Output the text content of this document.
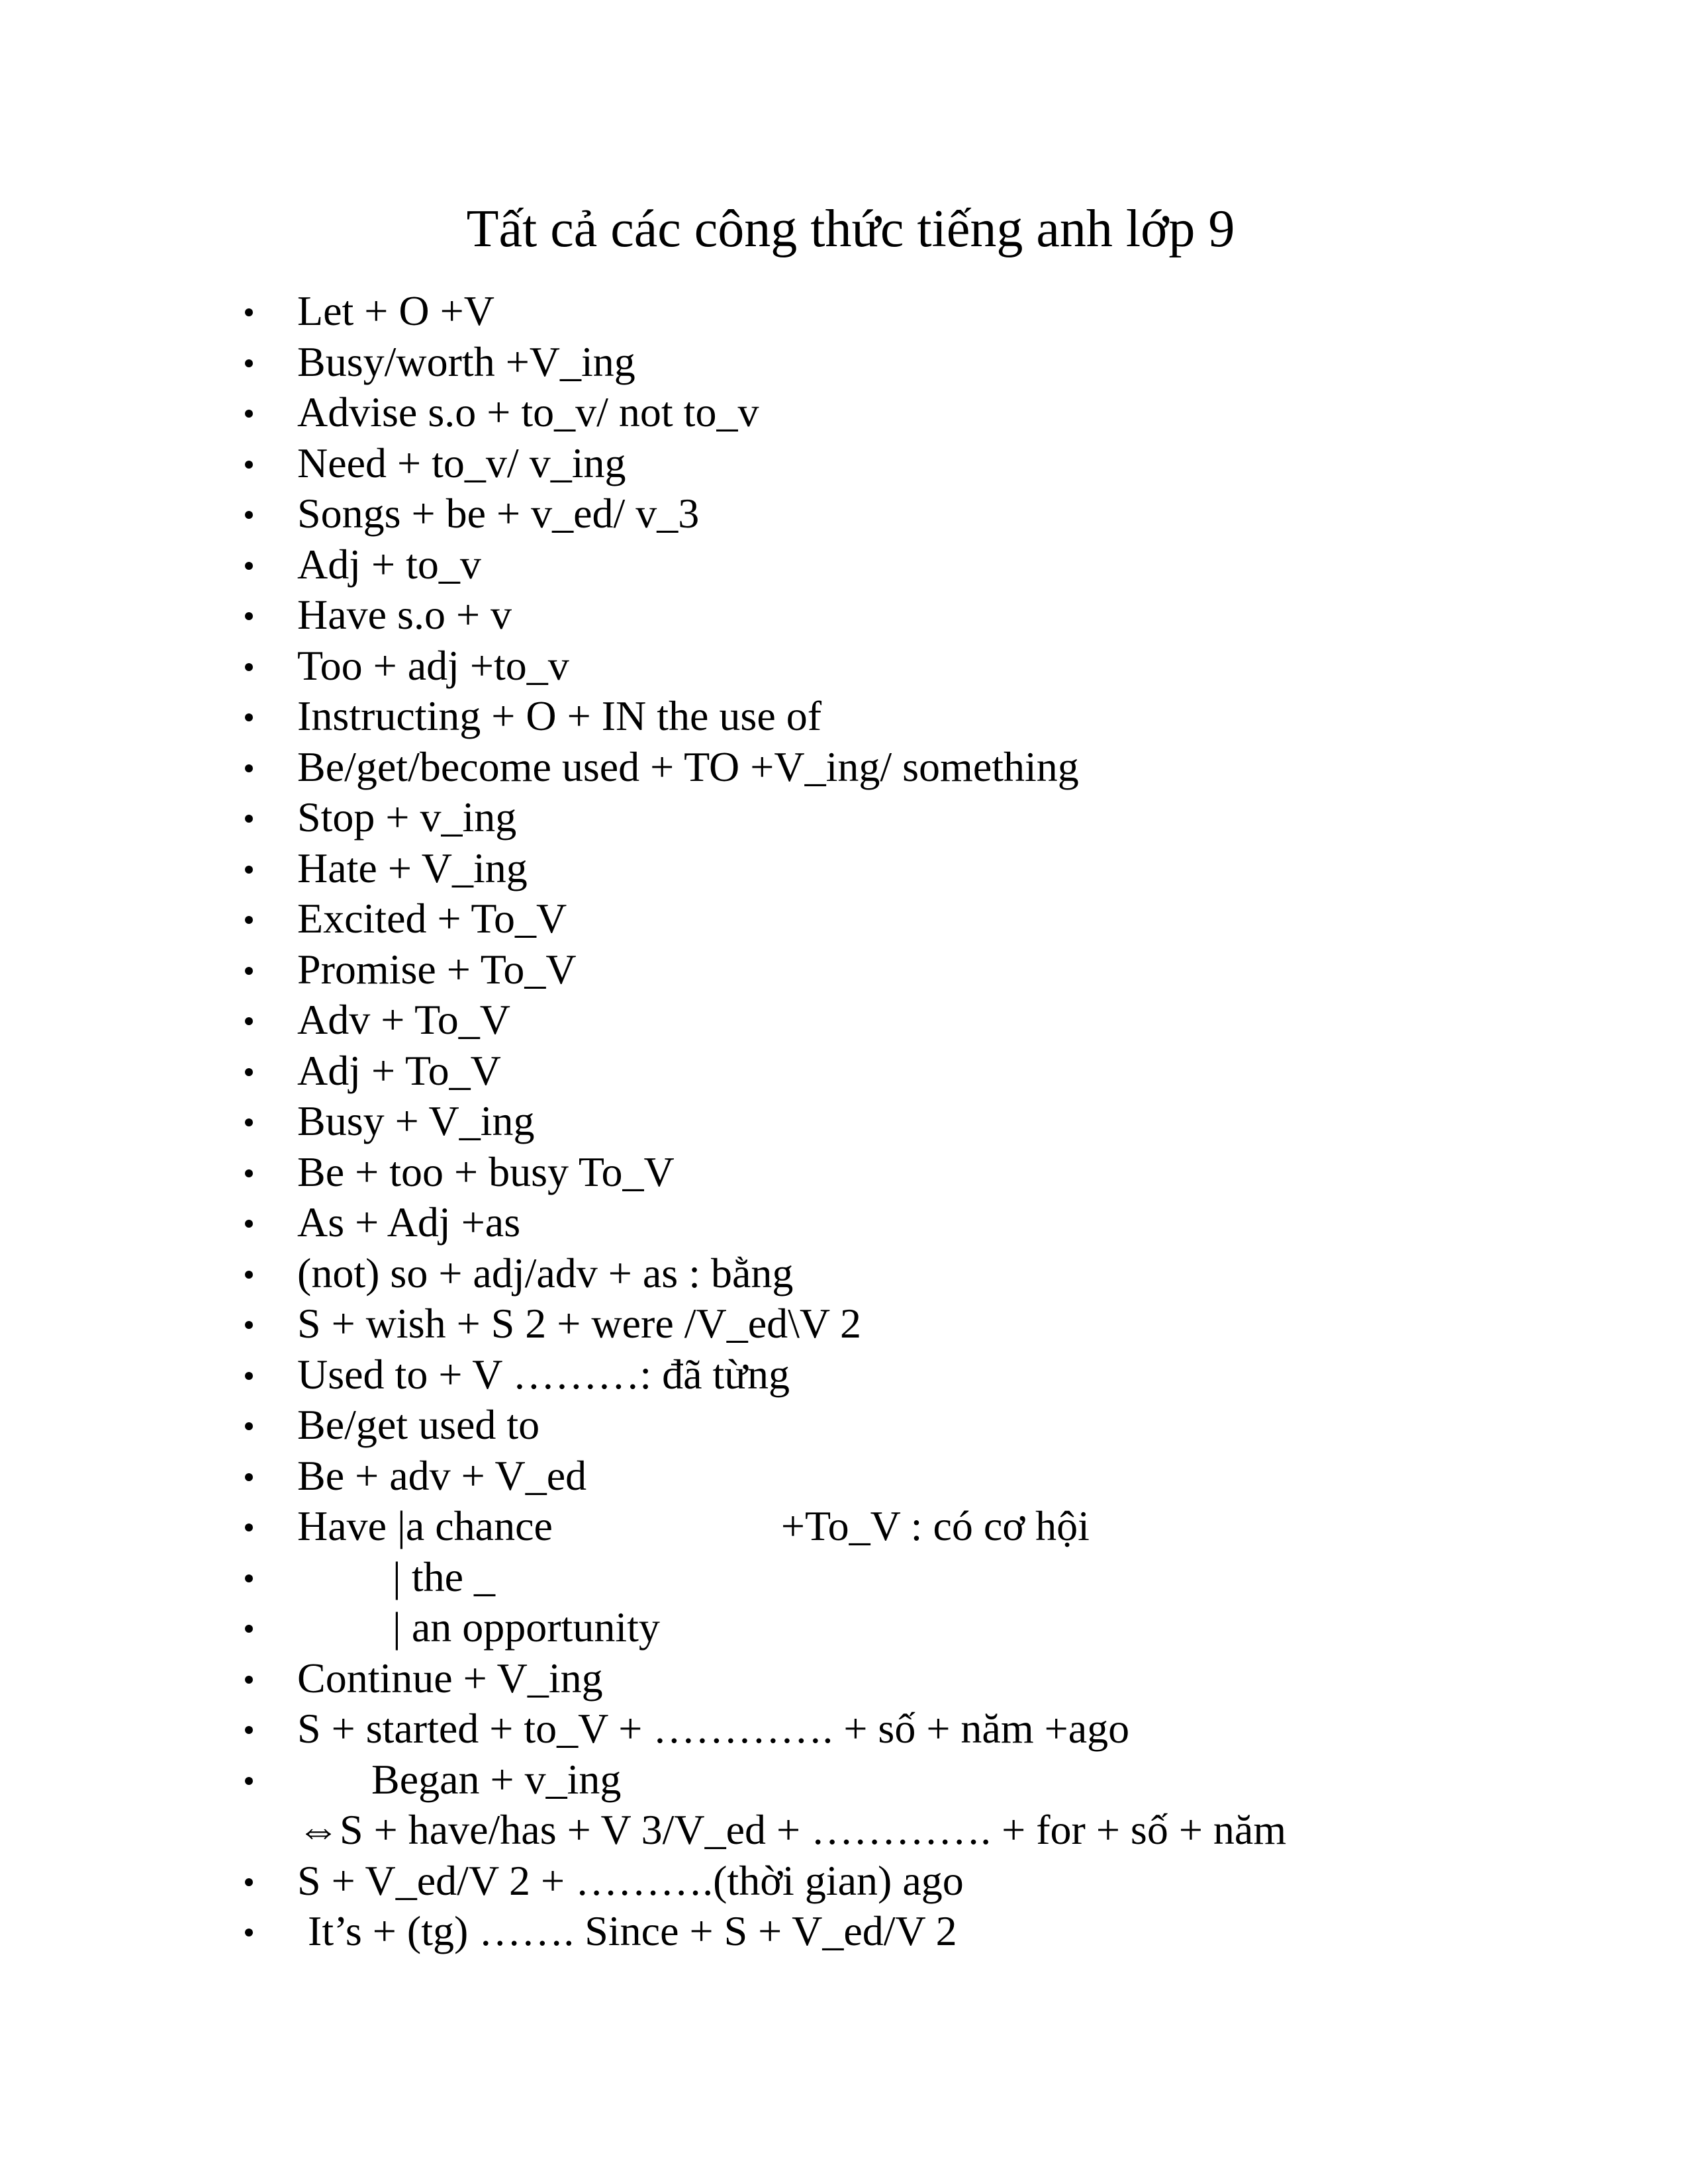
Tất cả các công thức tiếng anh lớp 9
Let + O +V
Busy/worth +V_ing
Advise s.o + to_v/ not to_v
Need + to_v/ v_ing
Songs + be + v_ed/ v_3
Adj + to_v
Have s.o + v
Too + adj +to_v
Instructing + O + IN the use of
Be/get/become used + TO +V_ing/ something
Stop + v_ing
Hate + V_ing
Excited + To_V
Promise + To_V
Adv + To_V
Adj + To_V
Busy + V_ing
Be + too + busy To_V
As + Adj +as
(not) so + adj/adv + as : bằng
S + wish + S 2 + were /V_ed\V 2
Used to + V ………: đã từng
Be/get used to
Be + adv + V_ed
Have |a chance	+To_V : có cơ hội
| the _
| an opportunity
Continue + V_ing
S + started + to_V + …………. + số + năm +ago
Began + v_ing
⇔S + have/has + V 3/V_ed + …………. + for + số + năm
S + V_ed/V 2 + ……….(thời gian) ago
It’s + (tg) ……. Since + S + V_ed/V 2
